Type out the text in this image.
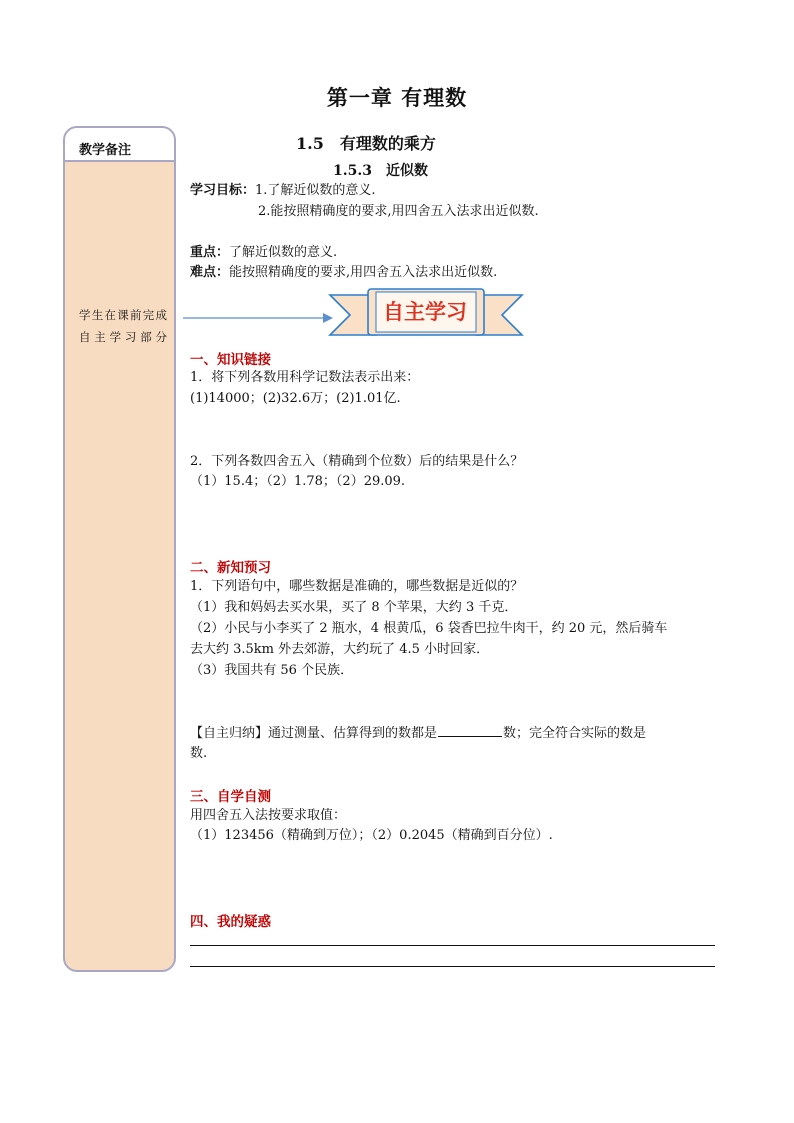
第一章 有理数
教学备注
学生在课前完成自主学习部分
1.5　有理数的乘方
1.5.3　近似数
学习目标：1.了解近似数的意义.
2.能按照精确度的要求,用四舍五入法求出近似数.
重点：了解近似数的意义.
难点：能按照精确度的要求,用四舍五入法求出近似数.
自主学习
一、知识链接
1．将下列各数用科学记数法表示出来：
(1)14000；(2)32.6万；(2)1.01亿.
2．下列各数四舍五入（精确到个位数）后的结果是什么？
（1）15.4；（2）1.78；（2）29.09.
二、新知预习
1．下列语句中，哪些数据是准确的，哪些数据是近似的？
（1）我和妈妈去买水果，买了 8 个苹果，大约 3 千克．
（2）小民与小李买了 2 瓶水，4 根黄瓜，6 袋香巴拉牛肉干，约 20 元，然后骑车
去大约 3.5km 外去郊游，大约玩了 4.5 小时回家．
（3）我国共有 56 个民族．
【自主归纳】通过测量、估算得到的数都是	数；完全符合实际的数是
数.
三、自学自测
用四舍五入法按要求取值：
（1）123456（精确到万位）；（2）0.2045（精确到百分位）.
四、我的疑惑
